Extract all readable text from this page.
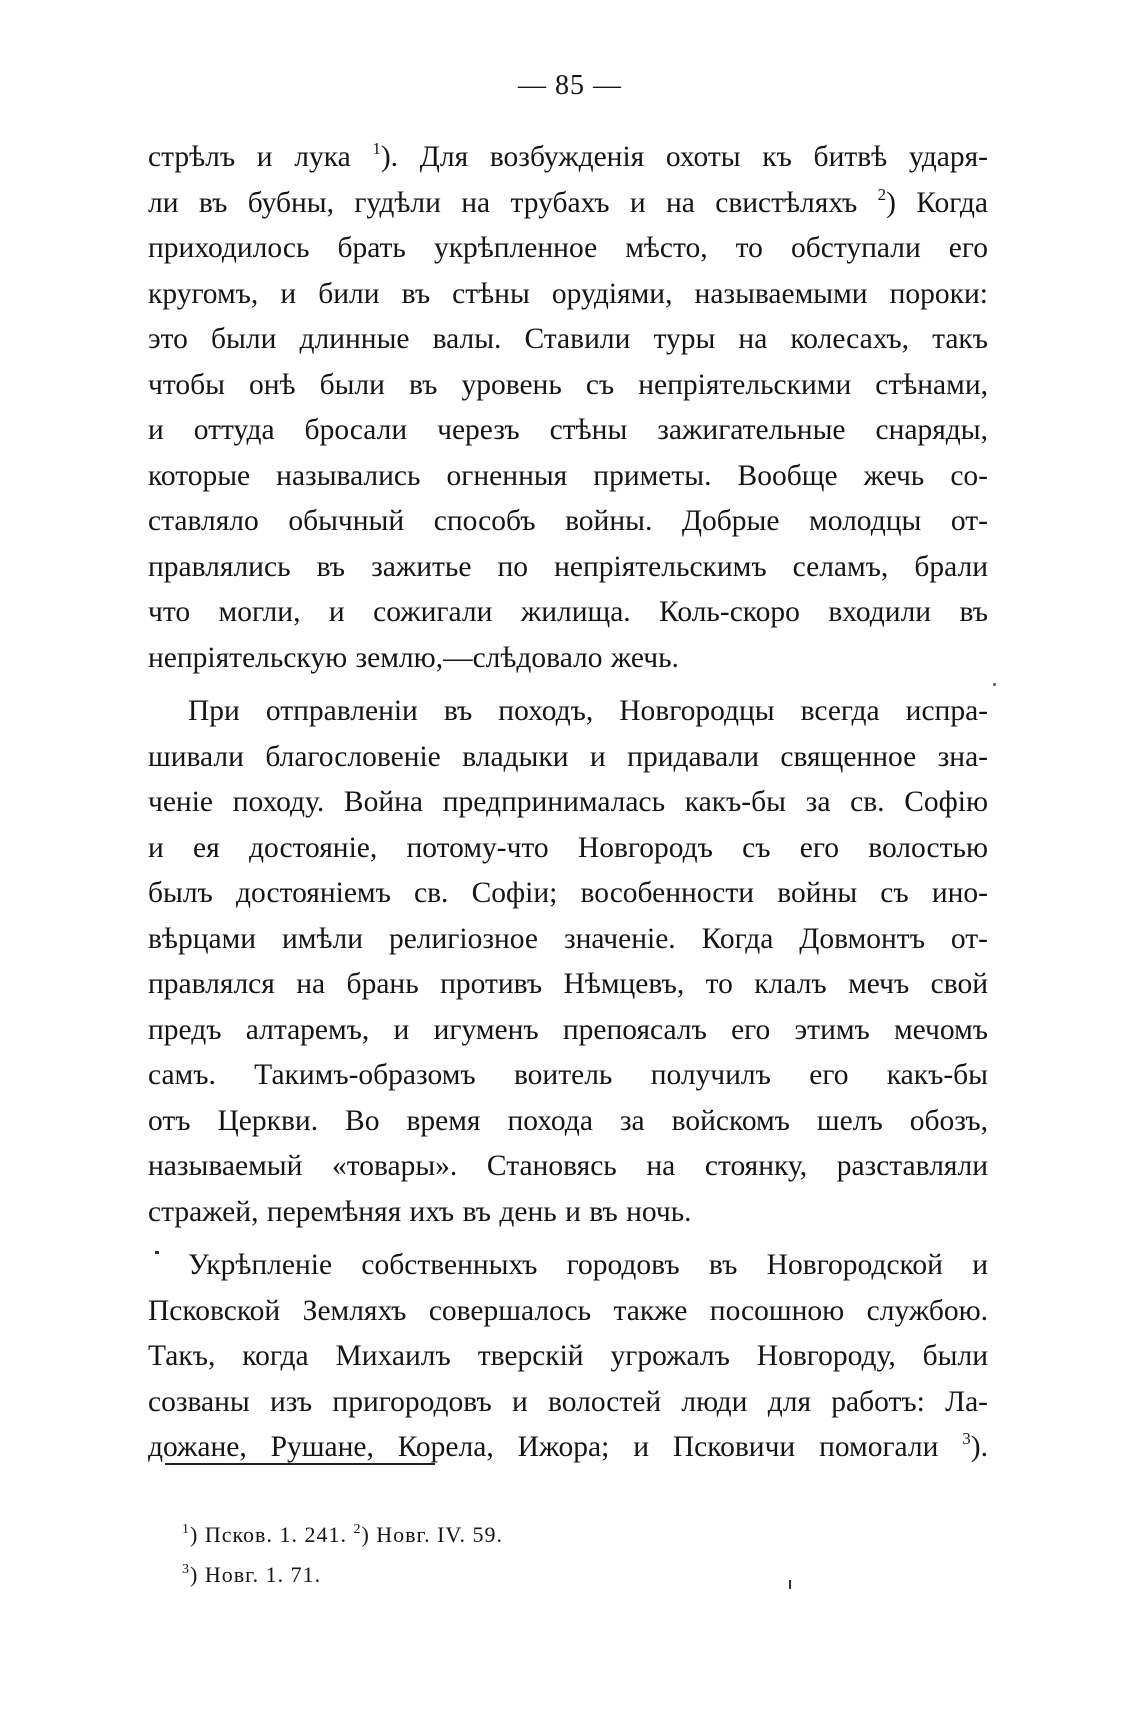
— 85 —
стрѣлъ и лука $^1$). Для возбужденія охоты къ битвѣ ударя-
ли въ бубны, гудѣли на трубахъ и на свистѣляхъ $^2$) Когда
приходилось брать укрѣпленное мѣсто, то обступали его
кругомъ, и били въ стѣны орудіями, называемыми пороки:
это были длинные валы. Ставили туры на колесахъ, такъ
чтобы онѣ были въ уровень съ непріятельскими стѣнами,
и оттуда бросали черезъ стѣны зажигательные снаряды,
которые назывались огненныя приметы. Вообще жечь со-
ставляло обычный способъ войны. Добрые молодцы от-
правлялись въ зажитье по непріятельскимъ селамъ, брали
что могли, и сожигали жилища. Коль-скоро входили въ
непріятельскую землю,—слѣдовало жечь.
При отправленіи въ походъ, Новгородцы всегда испра-
шивали благословеніе владыки и придавали священное зна-
ченіе походу. Война предпринималась какъ-бы за св. Софію
и ея достояніе, потому-что Новгородъ съ его волостью
былъ достояніемъ св. Софіи; вособенности войны съ ино-
вѣрцами имѣли религіозное значеніе. Когда Довмонтъ от-
правлялся на брань противъ Нѣмцевъ, то клалъ мечъ свой
предъ алтаремъ, и игуменъ препоясалъ его этимъ мечомъ
самъ. Такимъ-образомъ воитель получилъ его какъ-бы
отъ Церкви. Во время похода за войскомъ шелъ обозъ,
называемый «товары». Становясь на стоянку, разставляли
стражей, перемѣняя ихъ въ день и въ ночь.
Укрѣпленіе собственныхъ городовъ въ Новгородской и
Псковской Земляхъ совершалось также посошною службою.
Такъ, когда Михаилъ тверскій угрожалъ Новгороду, были
созваны изъ пригородовъ и волостей люди для работъ: Ла-
дожане, Рушане, Корела, Ижора; и Псковичи помогали $^3$).
$^1$) Псков. 1. 241. $^2$) Новг. IV. 59.
$^3$) Новг. 1. 71.
